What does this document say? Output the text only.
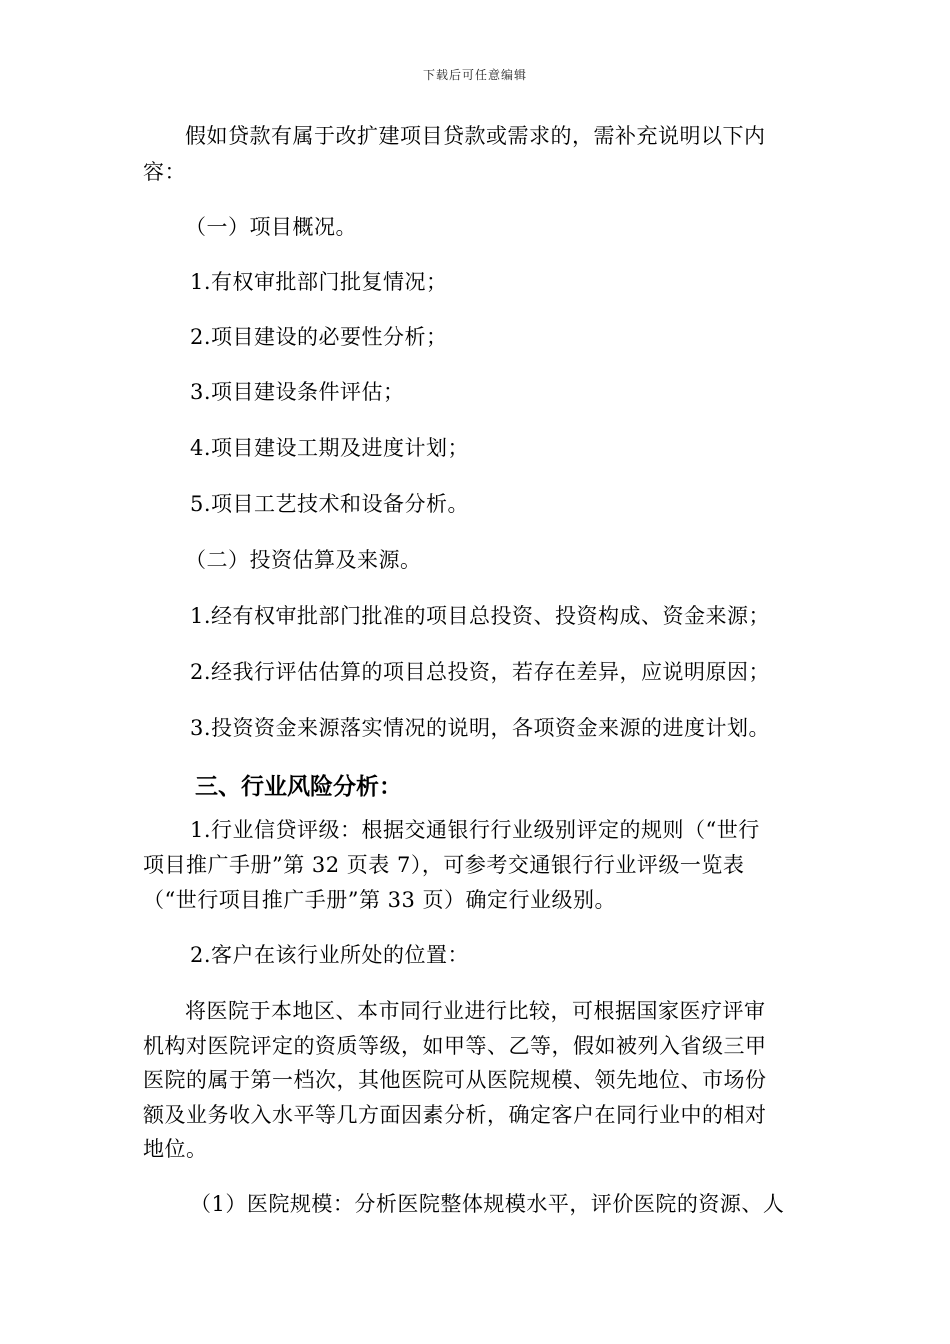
下载后可任意编辑
假如贷款有属于改扩建项目贷款或需求的，需补充说明以下内
容：
（一）项目概况。
1.有权审批部门批复情况；
2.项目建设的必要性分析；
3.项目建设条件评估；
4.项目建设工期及进度计划；
5.项目工艺技术和设备分析。
（二）投资估算及来源。
1.经有权审批部门批准的项目总投资、投资构成、资金来源；
2.经我行评估估算的项目总投资，若存在差异，应说明原因；
3.投资资金来源落实情况的说明，各项资金来源的进度计划。
三、行业风险分析：
1.行业信贷评级：根据交通银行行业级别评定的规则（“世行
项目推广手册”第 32 页表 7），可参考交通银行行业评级一览表
（“世行项目推广手册”第 33 页）确定行业级别。
2.客户在该行业所处的位置：
将医院于本地区、本市同行业进行比较，可根据国家医疗评审
机构对医院评定的资质等级，如甲等、乙等，假如被列入省级三甲
医院的属于第一档次，其他医院可从医院规模、领先地位、市场份
额及业务收入水平等几方面因素分析，确定客户在同行业中的相对
地位。
（1）医院规模：分析医院整体规模水平，评价医院的资源、人
